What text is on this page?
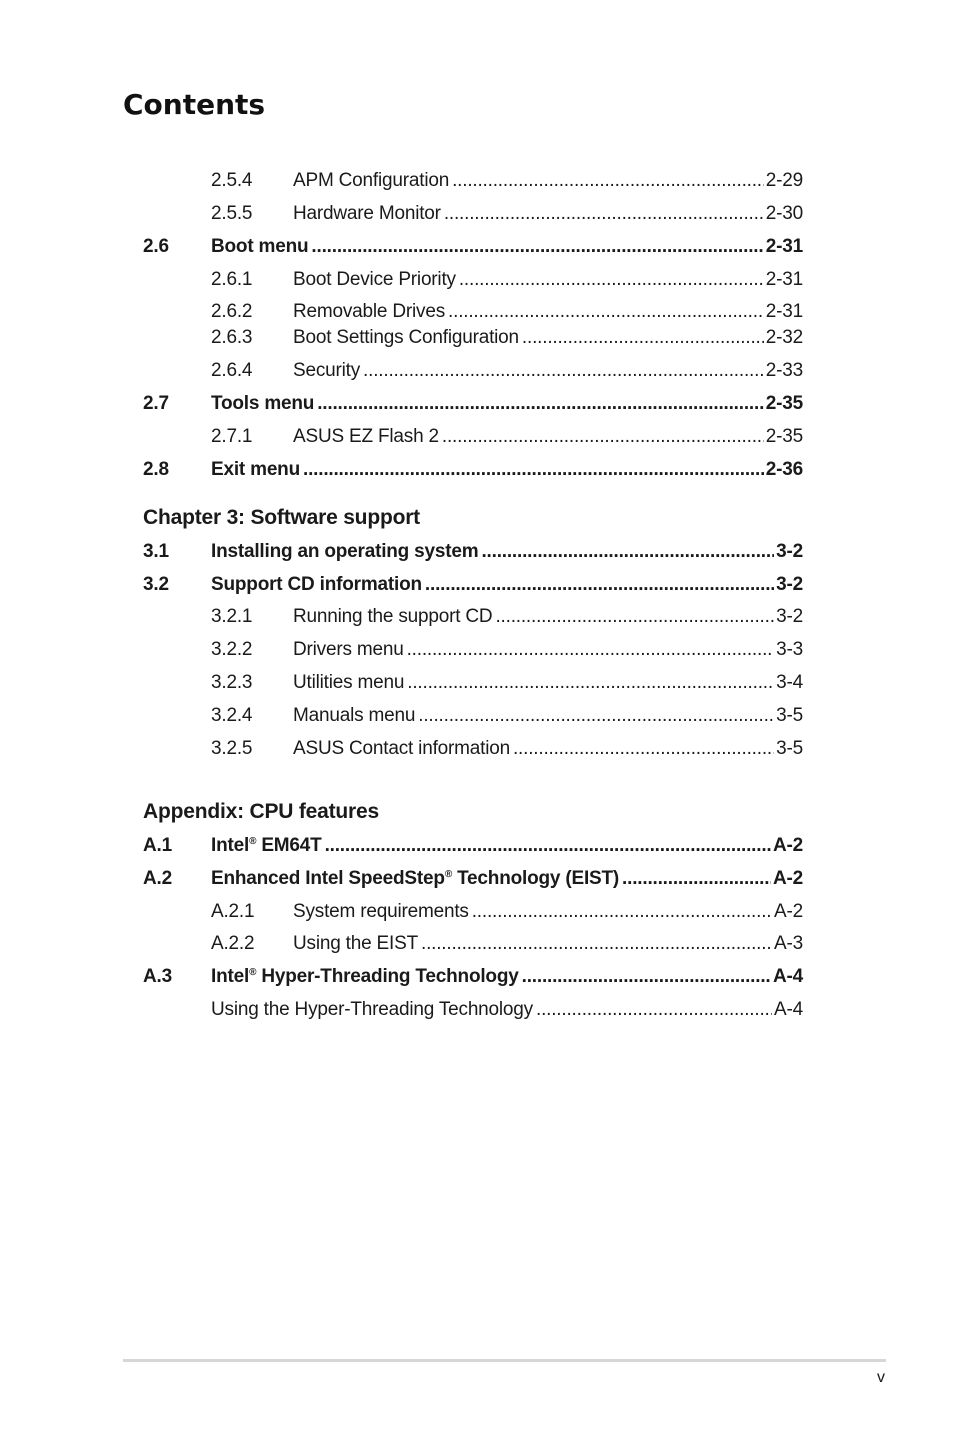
Contents
2.5.4 APM Configuration .....	2-29
2.5.5 Hardware Monitor .....	2-30
2.6 Boot menu .....	2-31
2.6.1 Boot Device Priority .....	2-31
2.6.2 Removable Drives .....	2-31
2.6.3 Boot Settings Configuration .....	2-32
2.6.4 Security .....	2-33
2.7 Tools menu .....	2-35
2.7.1 ASUS EZ Flash 2 .....	2-35
2.8 Exit menu .....	2-36
Chapter 3: Software support
3.1 Installing an operating system .....	3-2
3.2 Support CD information .....	3-2
3.2.1 Running the support CD .....	3-2
3.2.2 Drivers menu .....	3-3
3.2.3 Utilities menu .....	3-4
3.2.4 Manuals menu .....	3-5
3.2.5 ASUS Contact information .....	3-5
Appendix: CPU features
A.1 Intel® EM64T .....	A-2
A.2 Enhanced Intel SpeedStep® Technology (EIST) .....	A-2
A.2.1 System requirements .....	A-2
A.2.2 Using the EIST .....	A-3
A.3 Intel® Hyper-Threading Technology .....	A-4
Using the Hyper-Threading Technology .....	A-4
v
